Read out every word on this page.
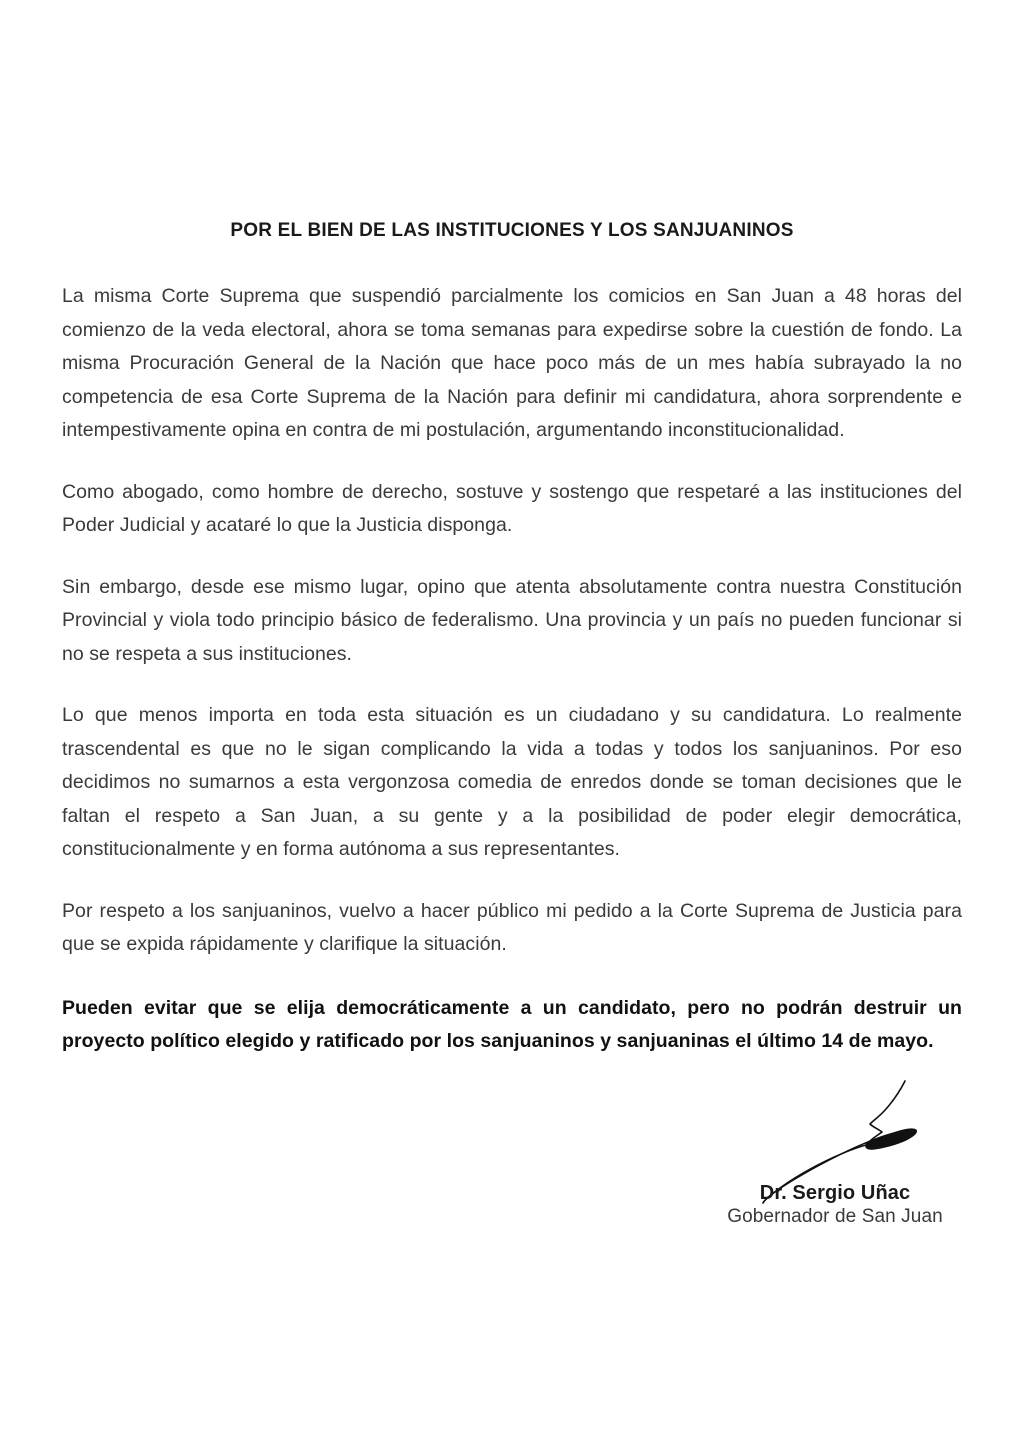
POR EL BIEN DE LAS INSTITUCIONES Y LOS SANJUANINOS

La misma Corte Suprema que suspendió parcialmente los comicios en San Juan a 48 horas del comienzo de la veda electoral, ahora se toma semanas para expedirse sobre la cuestión de fondo. La misma Procuración General de la Nación que hace poco más de un mes había subrayado la no competencia de esa Corte Suprema de la Nación para definir mi candidatura, ahora sorprendente e intempestivamente opina en contra de mi postulación, argumentando inconstitucionalidad.

Como abogado, como hombre de derecho, sostuve y sostengo que respetaré a las instituciones del Poder Judicial y acataré lo que la Justicia disponga.

Sin embargo, desde ese mismo lugar, opino que atenta absolutamente contra nuestra Constitución Provincial y viola todo principio básico de federalismo. Una provincia y un país no pueden funcionar si no se respeta a sus instituciones.

Lo que menos importa en toda esta situación es un ciudadano y su candidatura. Lo realmente trascendental es que no le sigan complicando la vida a todas y todos los sanjuaninos. Por eso decidimos no sumarnos a esta vergonzosa comedia de enredos donde se toman decisiones que le faltan el respeto a San Juan, a su gente y a la posibilidad de poder elegir democrática, constitucionalmente y en forma autónoma a sus representantes.

Por respeto a los sanjuaninos, vuelvo a hacer público mi pedido a la Corte Suprema de Justicia para que se expida rápidamente y clarifique la situación.

Pueden evitar que se elija democráticamente a un candidato, pero no podrán destruir un proyecto político elegido y ratificado por los sanjuaninos y sanjuaninas el último 14 de mayo.

Dr. Sergio Uñac
Gobernador de San Juan
